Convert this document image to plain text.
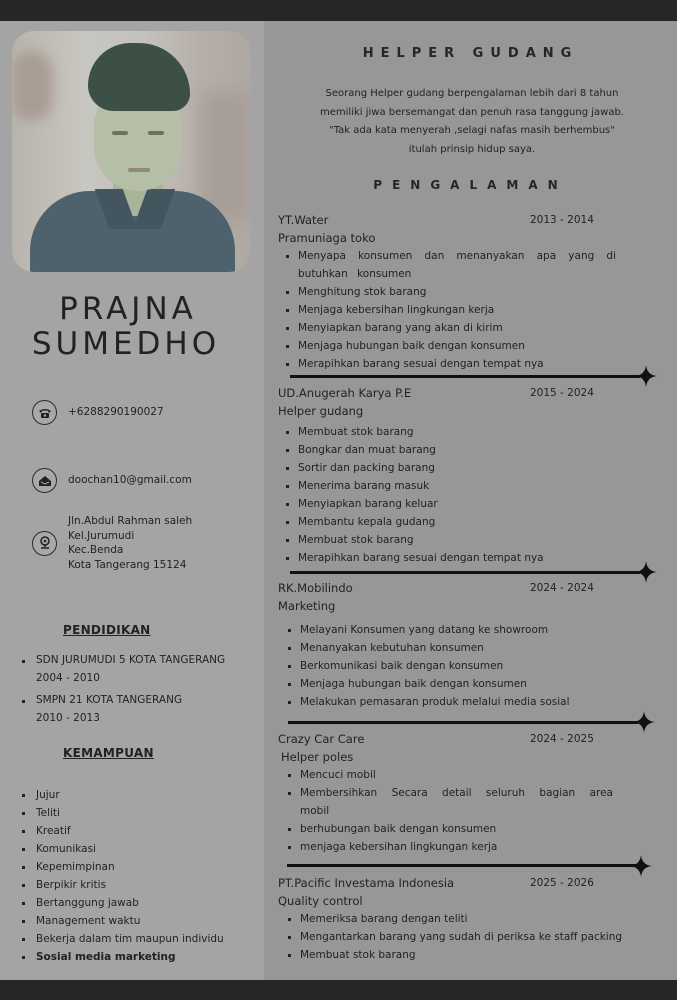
PRAJNA
SUMEDHO
+6288290190027
doochan10@gmail.com
Jln.Abdul Rahman saleh
Kel.Jurumudi
Kec.Benda
Kota Tangerang 15124
PENDIDIKAN
SDN JURUMUDI 5 KOTA TANGERANG
2004 - 2010
SMPN 21 KOTA TANGERANG
2010 - 2013
KEMAMPUAN
Jujur
Teliti
Kreatif
Komunikasi
Kepemimpinan
Berpikir kritis
Bertanggung jawab
Management waktu
Bekerja dalam tim maupun individu
Sosial media marketing
HELPER GUDANG
Seorang Helper gudang berpengalaman lebih dari 8 tahun
memiliki jiwa bersemangat dan penuh rasa tanggung jawab.
"Tak ada kata menyerah ,selagi nafas masih berhembus"
itulah prinsip hidup saya.
PENGALAMAN
YT.Water	2013 - 2014
Pramuniaga toko
Menyapa konsumen dan menanyakan apa yang di butuhkan konsumen
Menghitung stok barang
Menjaga kebersihan lingkungan kerja
Menyiapkan barang yang akan di kirim
Menjaga hubungan baik dengan konsumen
Merapihkan barang sesuai dengan tempat nya
UD.Anugerah Karya P.E	2015 - 2024
Helper gudang
Membuat stok barang
Bongkar dan muat barang
Sortir dan packing barang
Menerima barang masuk
Menyiapkan barang keluar
Membantu kepala gudang
Membuat stok barang
Merapihkan barang sesuai dengan tempat nya
RK.Mobilindo	2024 - 2024
Marketing
Melayani Konsumen yang datang ke showroom
Menanyakan kebutuhan konsumen
Berkomunikasi baik dengan konsumen
Menjaga hubungan baik dengan konsumen
Melakukan pemasaran produk melalui media sosial
Crazy Car Care	2024 - 2025
Helper poles
Mencuci mobil
Membersihkan Secara detail seluruh bagian area mobil
berhubungan baik dengan konsumen
menjaga kebersihan lingkungan kerja
PT.Pacific Investama Indonesia	2025 - 2026
Quality control
Memeriksa barang dengan teliti
Mengantarkan barang yang sudah di periksa ke staff packing
Membuat stok barang
